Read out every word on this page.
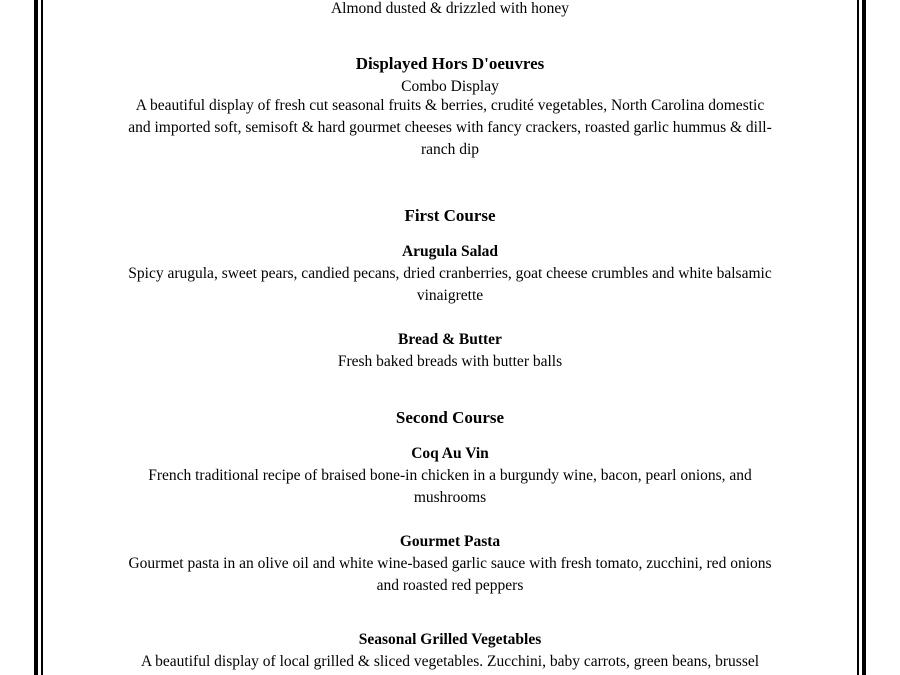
Almond dusted & drizzled with honey
Displayed Hors D'oeuvres
Combo Display
A beautiful display of fresh cut seasonal fruits & berries, crudité vegetables, North Carolina domestic
and imported soft, semisoft & hard gourmet cheeses with fancy crackers, roasted garlic hummus & dill-
ranch dip
First Course
Arugula Salad
Spicy arugula, sweet pears, candied pecans, dried cranberries, goat cheese crumbles and white balsamic
vinaigrette
Bread & Butter
Fresh baked breads with butter balls
Second Course
Coq Au Vin
French traditional recipe of braised bone-in chicken in a burgundy wine, bacon, pearl onions, and
mushrooms
Gourmet Pasta
Gourmet pasta in an olive oil and white wine-based garlic sauce with fresh tomato, zucchini, red onions
and roasted red peppers
Seasonal Grilled Vegetables
A beautiful display of local grilled & sliced vegetables. Zucchini, baby carrots, green beans, brussel
